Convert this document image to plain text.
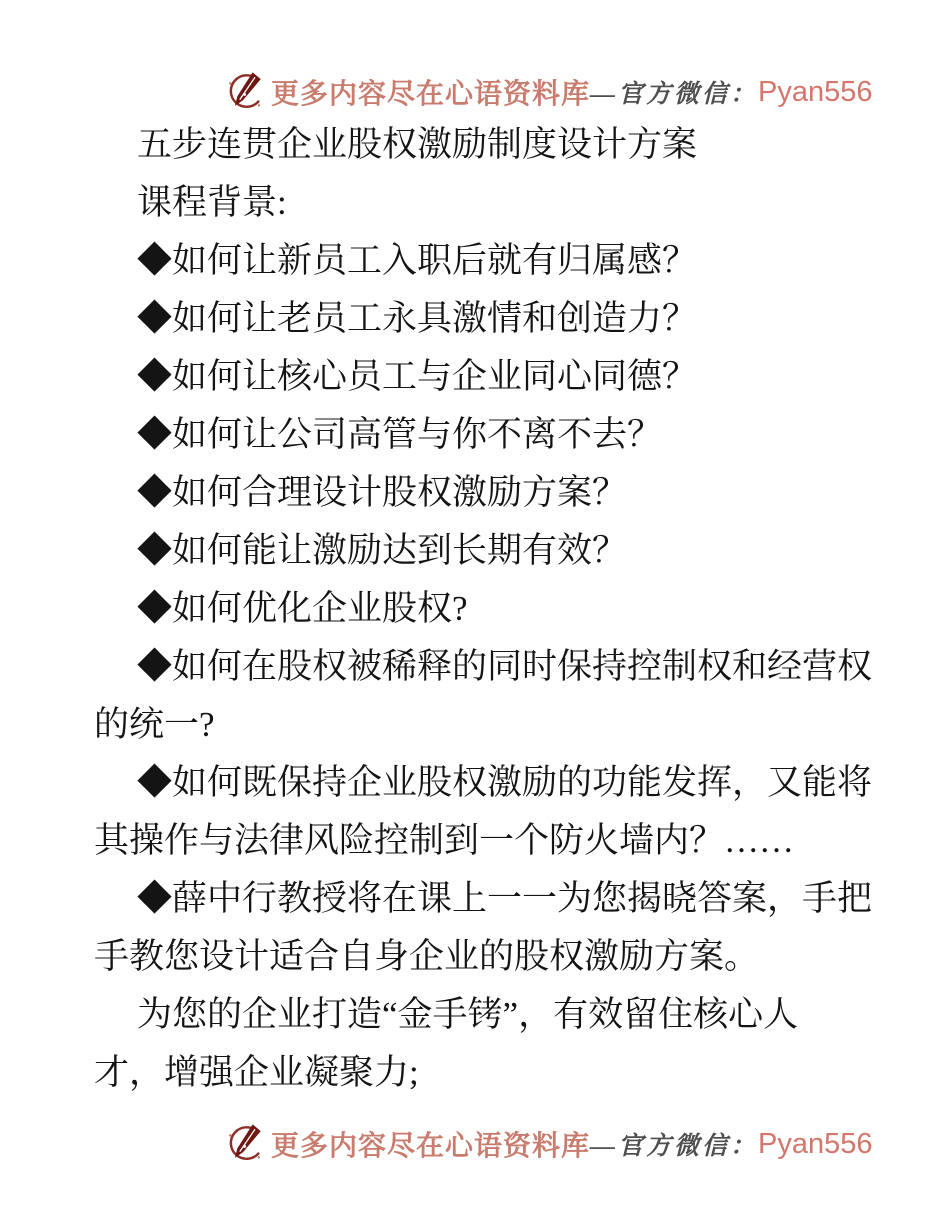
更多内容尽在心语资料库 —官方微信： Pyan556
五步连贯企业股权激励制度设计方案
课程背景:
◆如何让新员工入职后就有归属感？
◆如何让老员工永具激情和创造力？
◆如何让核心员工与企业同心同德？
◆如何让公司高管与你不离不去？
◆如何合理设计股权激励方案？
◆如何能让激励达到长期有效？
◆如何优化企业股权?
◆如何在股权被稀释的同时保持控制权和经营权
的统一?
◆如何既保持企业股权激励的功能发挥，又能将
其操作与法律风险控制到一个防火墙内？……
◆薛中行教授将在课上一一为您揭晓答案，手把
手教您设计适合自身企业的股权激励方案。
为您的企业打造“金手铐”，有效留住核心人
才，增强企业凝聚力;
更多内容尽在心语资料库 —官方微信： Pyan556
